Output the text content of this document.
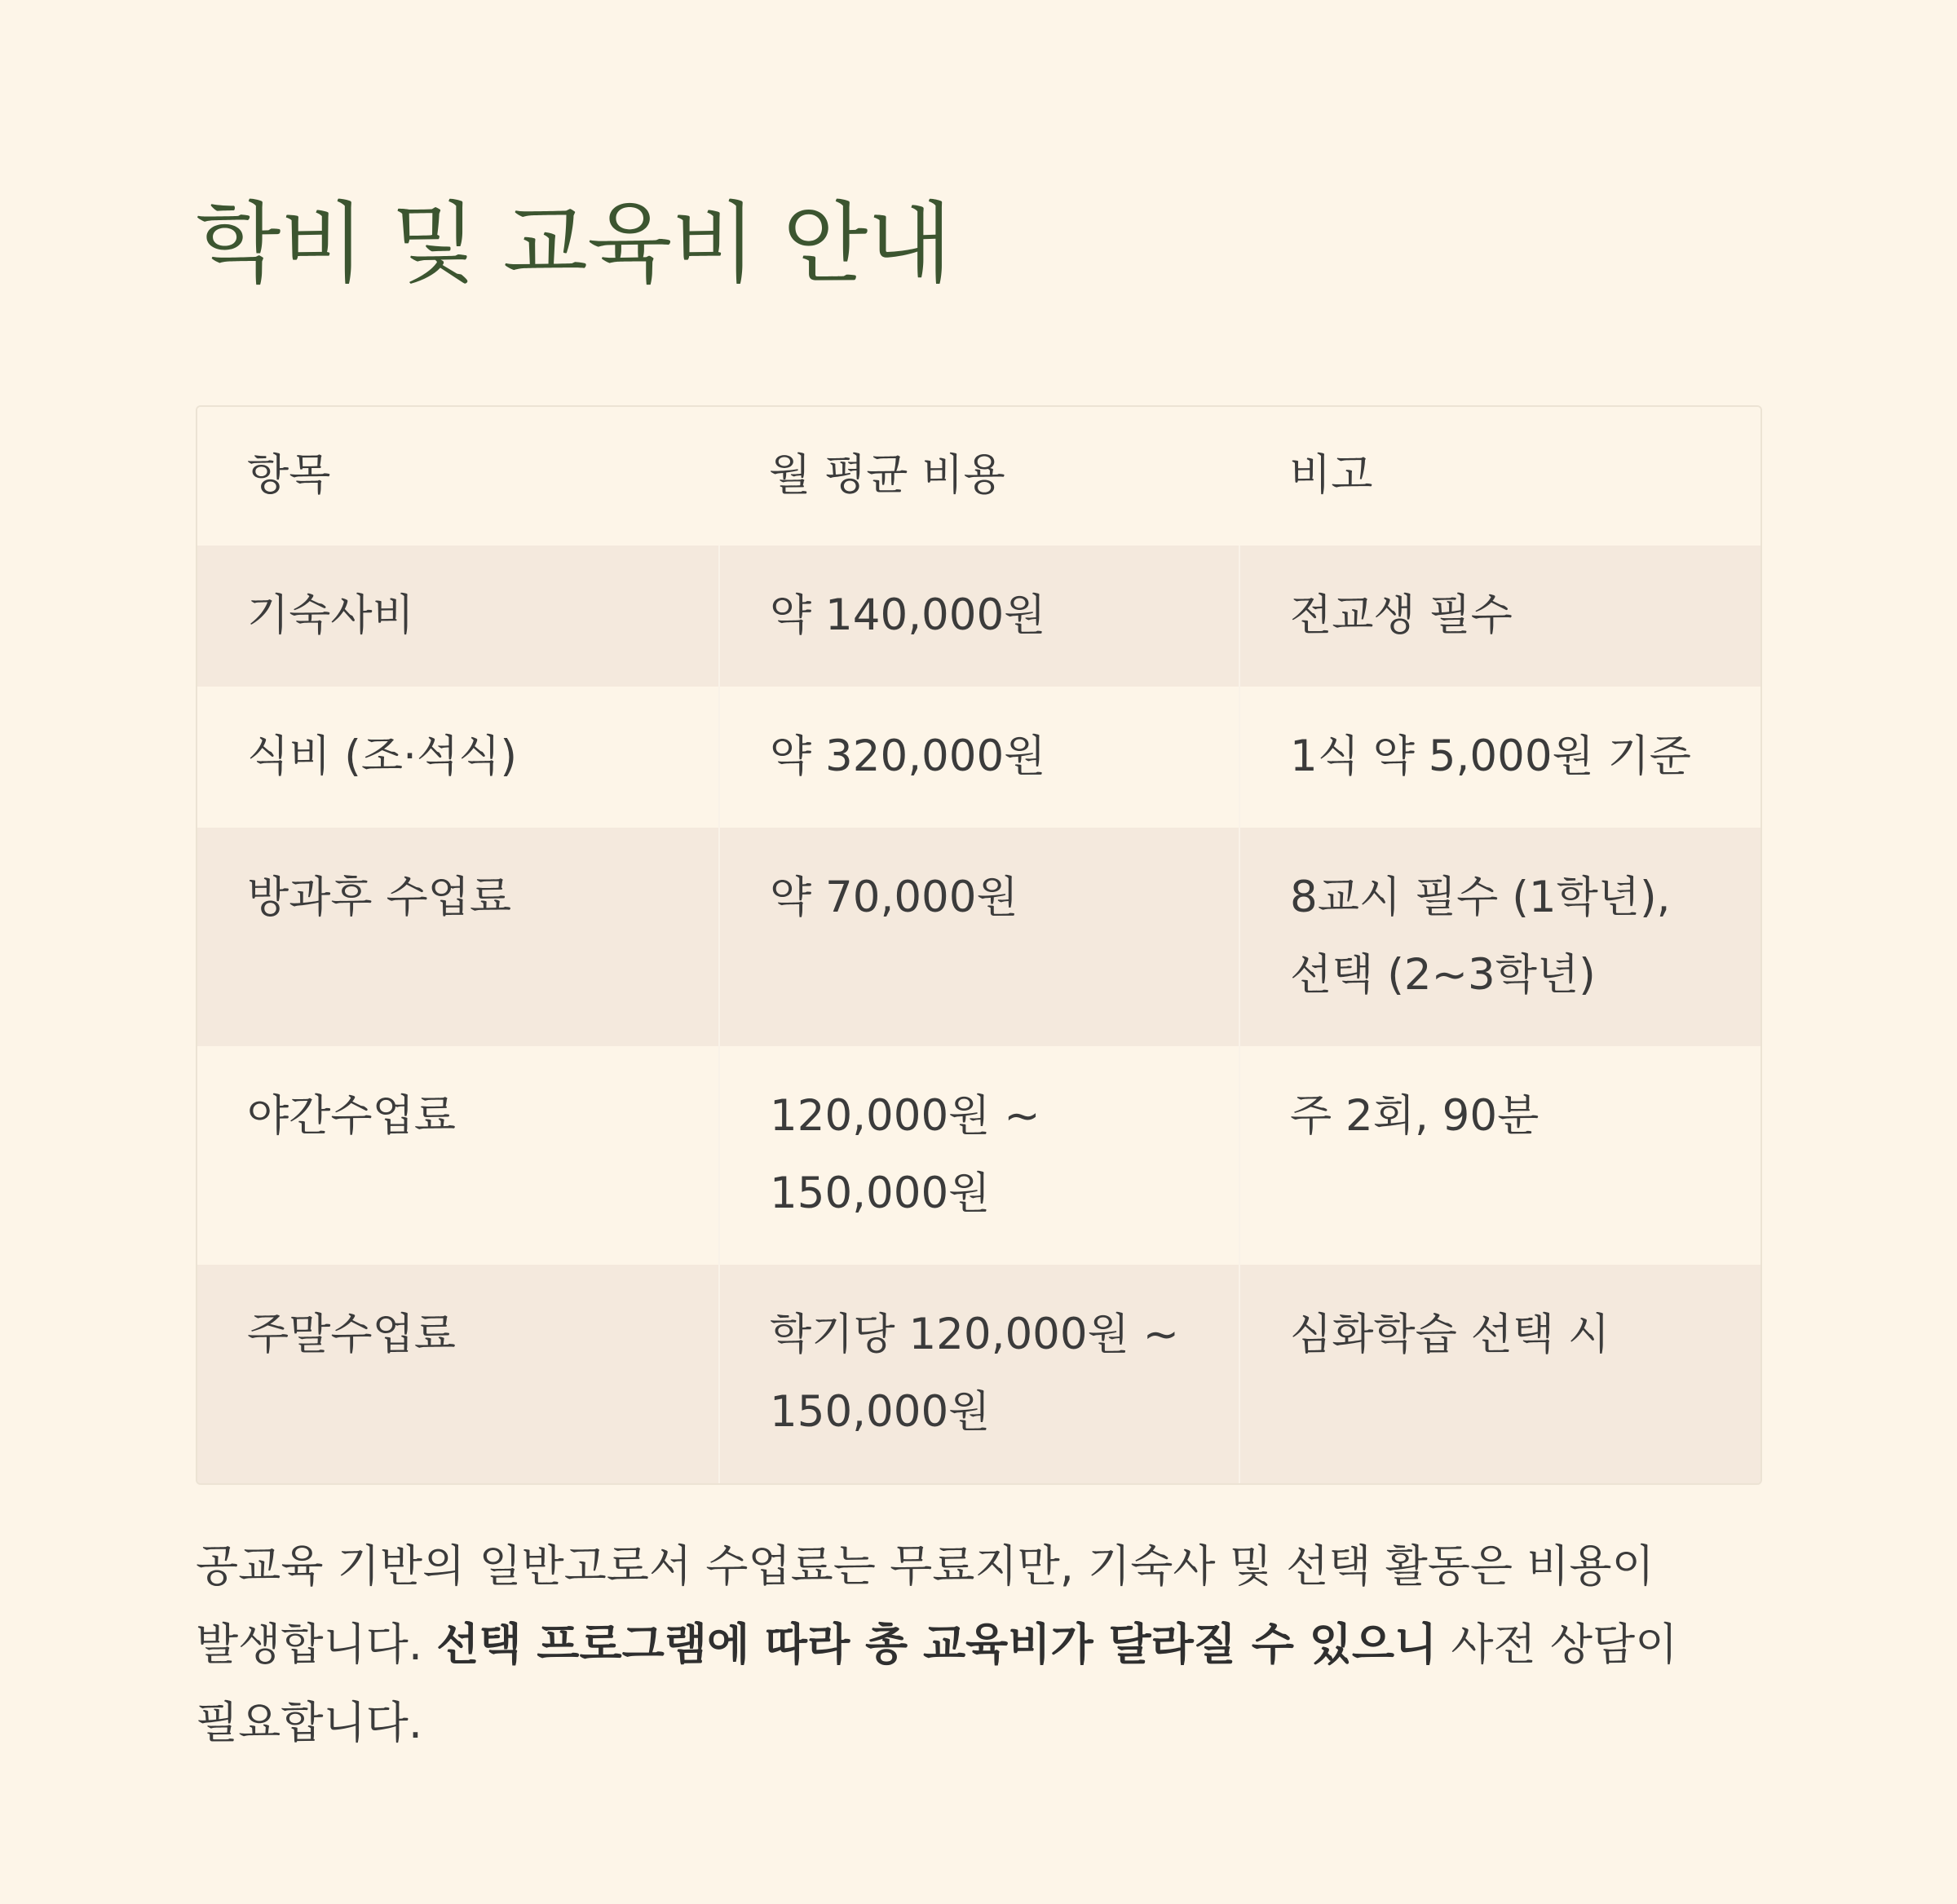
학비 및 교육비 안내
항목	월 평균 비용	비고
기숙사비	약 140,000원	전교생 필수
식비 (조·석식)	약 320,000원	1식 약 5,000원 기준
방과후 수업료	약 70,000원	8교시 필수 (1학년), 선택 (2~3학년)
야간수업료	120,000원 ~ 150,000원	주 2회, 90분
주말수업료	학기당 120,000원 ~ 150,000원	심화학습 선택 시

공교육 기반의 일반고로서 수업료는 무료지만, 기숙사 및 선택 활동은 비용이 발생합니다. 선택 프로그램에 따라 총 교육비가 달라질 수 있으니 사전 상담이 필요합니다.
